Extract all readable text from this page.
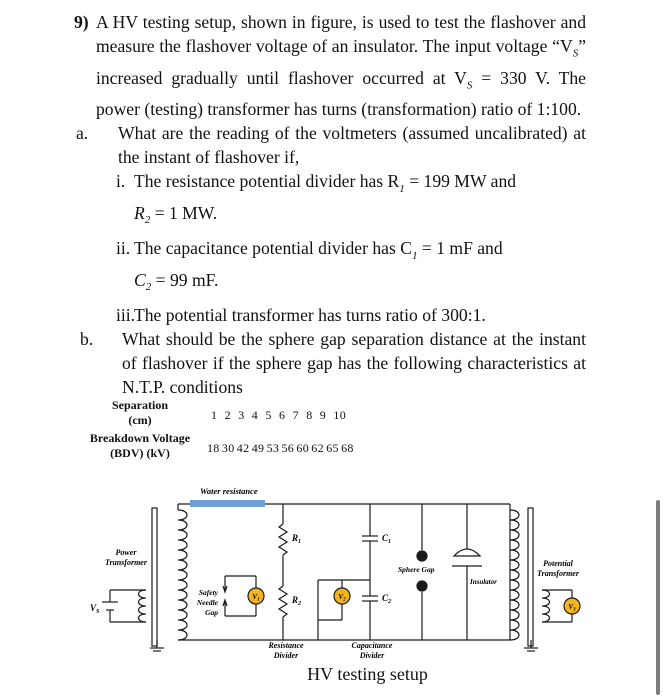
9) A HV testing setup, shown in figure, is used to test the flashover and measure the flashover voltage of an insulator. The input voltage “$V_S$” increased gradually until flashover occurred at $V_S = 330$ V. The power (testing) transformer has turns (transformation) ratio of 1:100.
a. What are the reading of the voltmeters (assumed uncalibrated) at the instant of flashover if,
i. The resistance potential divider has $R_1 = 199$ MW and
$R_2 = 1$ MW.
ii. The capacitance potential divider has $C_1 = 1$ mF and
$C_2 = 99$ mF.
iii.
The potential transformer has turns ratio of 300:1.
b. What should be the sphere gap separation distance at the instant of flashover if the sphere gap has the following characteristics at N.T.P. conditions
Separation
(cm)
Breakdown Voltage
(BDV) (kV)
1 2 3 4 5 6 7 8 9 10
18 30 42 49 53 56 60 62 65 68
Water resistance
Power
Transformer
$V_S$
Safety
Needle
Gap
$V_1$
$R_1$
$R_2$
$V_2$
$C_1$
$C_2$
Sphere Gap
Insulator
Potential
Transformer
$V_3$
Resistance
Divider
Capacitance
Divider
HV testing setup
